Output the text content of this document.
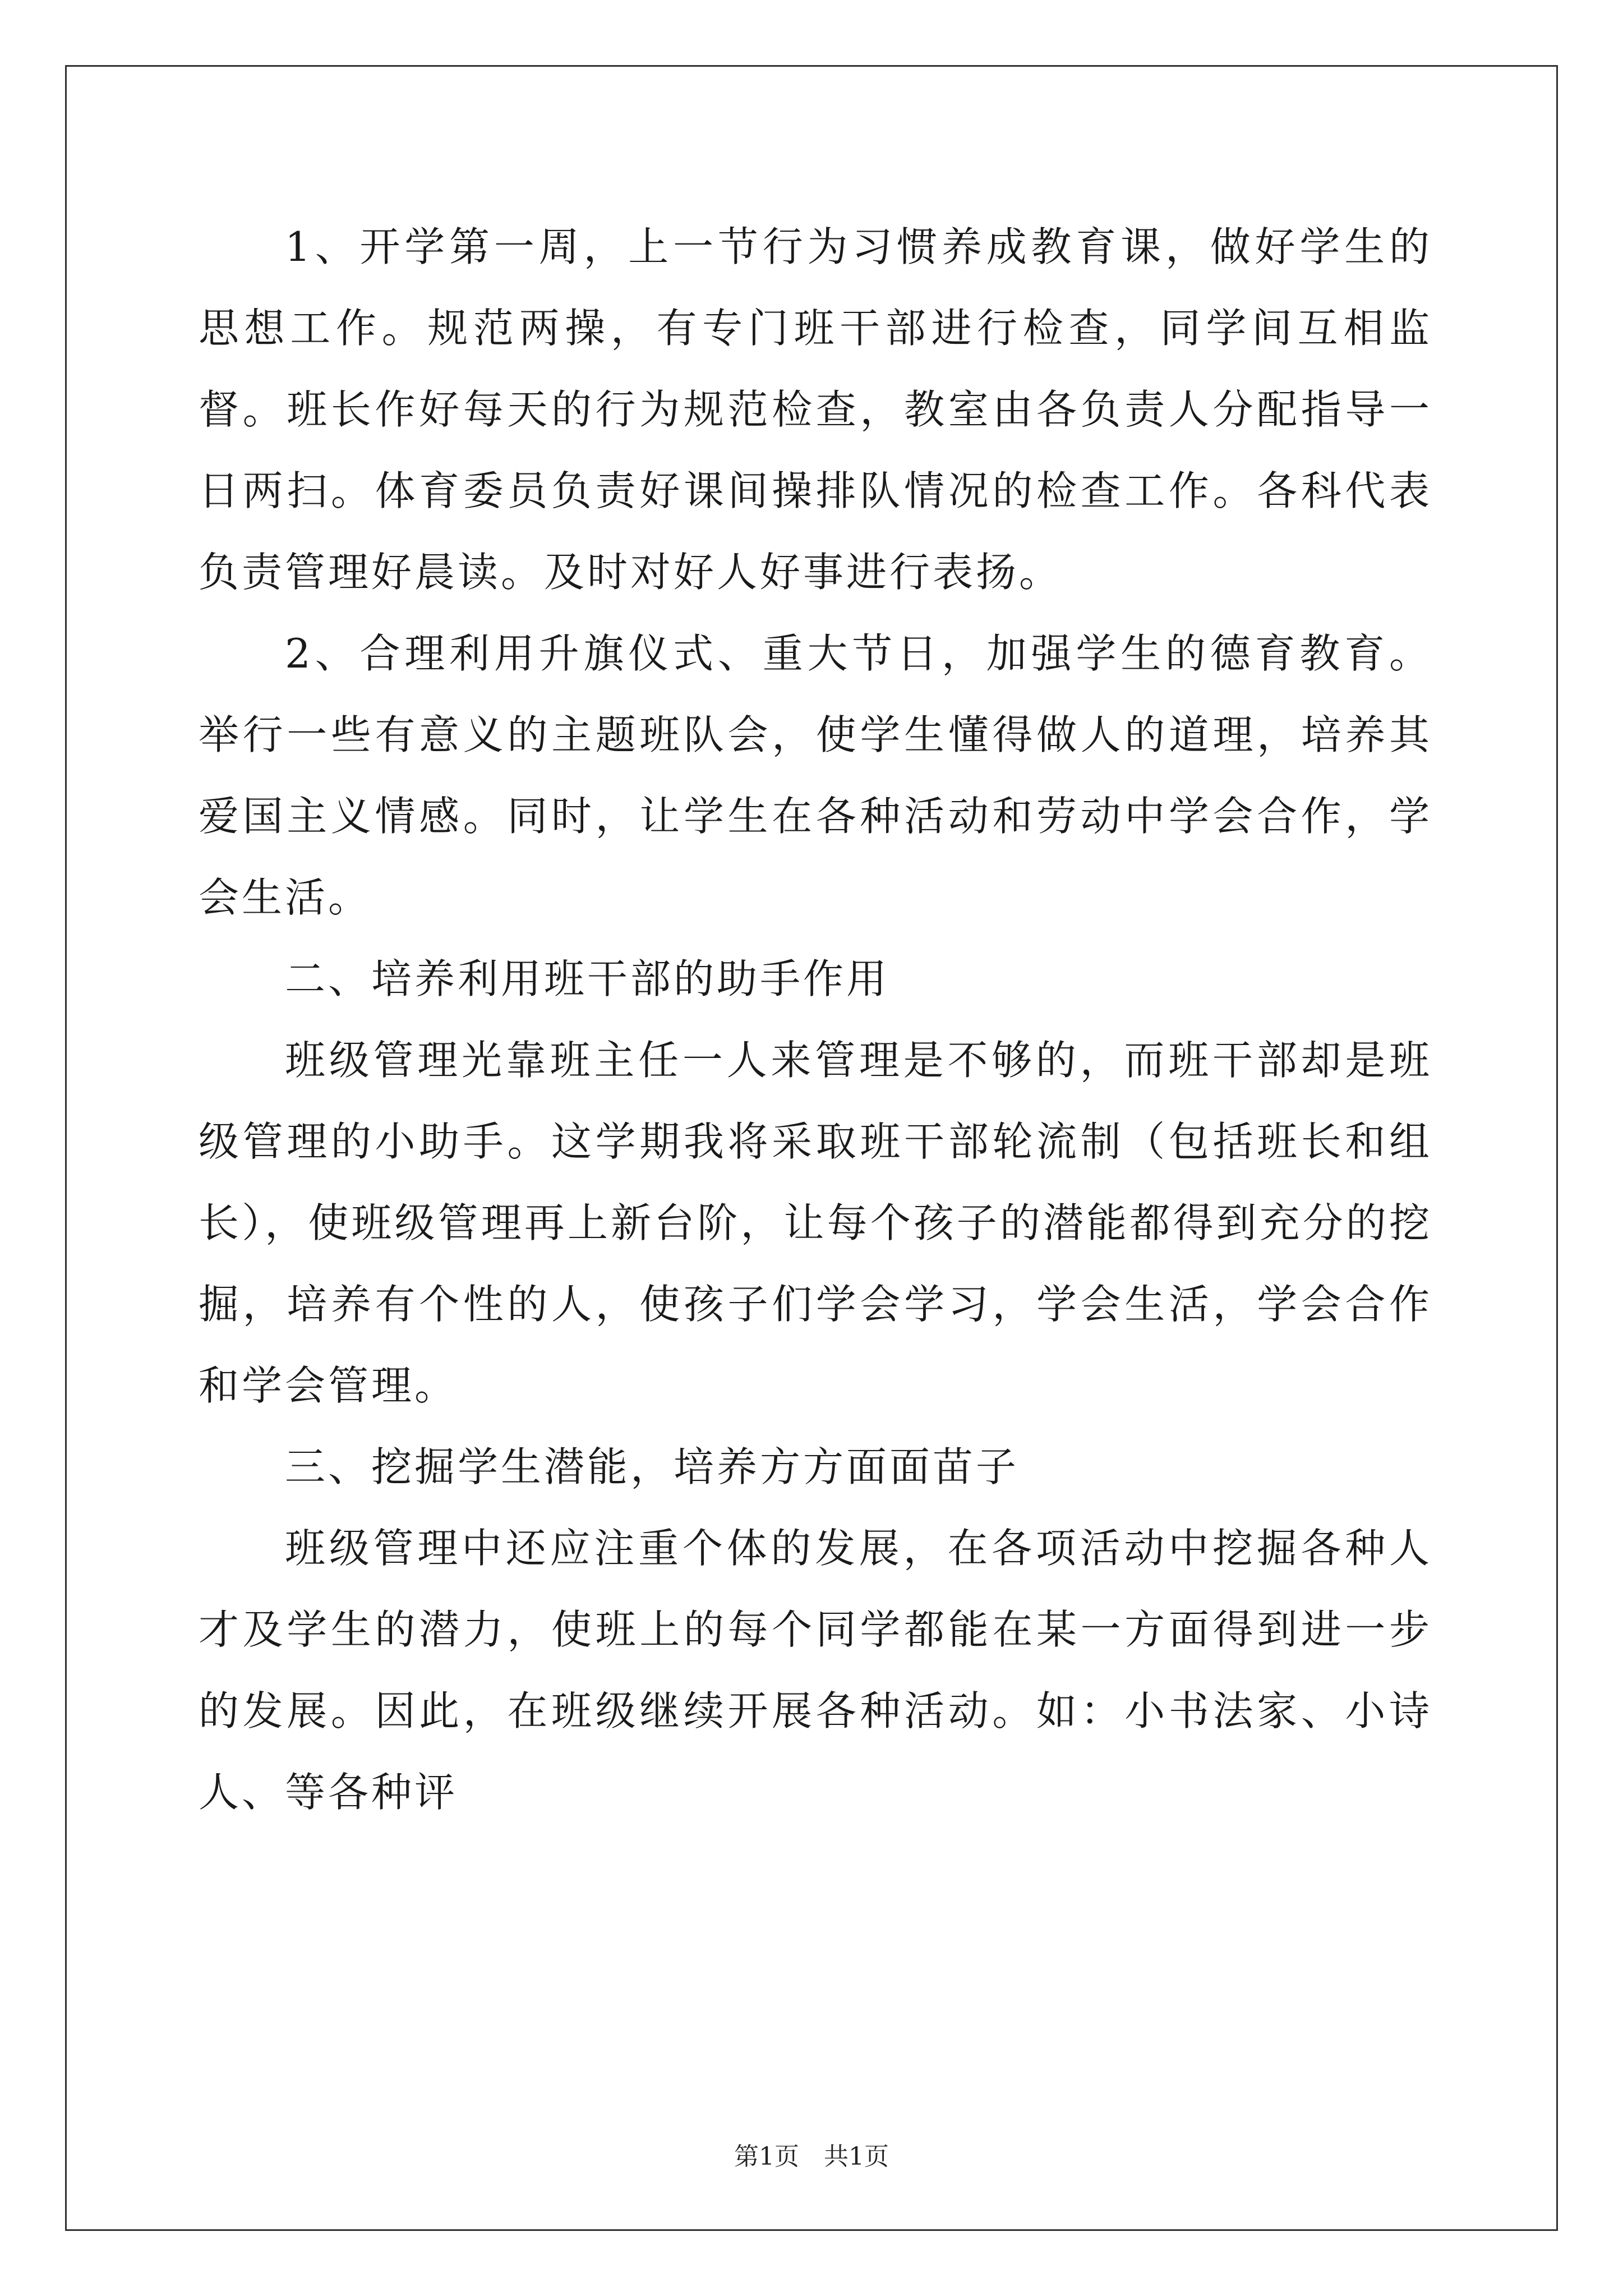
1、开学第一周，上一节行为习惯养成教育课，做好学生的思想工作。规范两操，有专门班干部进行检查，同学间互相监督。班长作好每天的行为规范检查，教室由各负责人分配指导一日两扫。体育委员负责好课间操排队情况的检查工作。各科代表负责管理好晨读。及时对好人好事进行表扬。

2、合理利用升旗仪式、重大节日，加强学生的德育教育。举行一些有意义的主题班队会，使学生懂得做人的道理，培养其爱国主义情感。同时，让学生在各种活动和劳动中学会合作，学会生活。

二、培养利用班干部的助手作用

班级管理光靠班主任一人来管理是不够的，而班干部却是班级管理的小助手。这学期我将采取班干部轮流制（包括班长和组长），使班级管理再上新台阶，让每个孩子的潜能都得到充分的挖掘，培养有个性的人，使孩子们学会学习，学会生活，学会合作和学会管理。

三、挖掘学生潜能，培养方方面面苗子

班级管理中还应注重个体的发展，在各项活动中挖掘各种人才及学生的潜力，使班上的每个同学都能在某一方面得到进一步的发展。因此，在班级继续开展各种活动。如：小书法家、小诗人、等各种评

第1页 共1页
